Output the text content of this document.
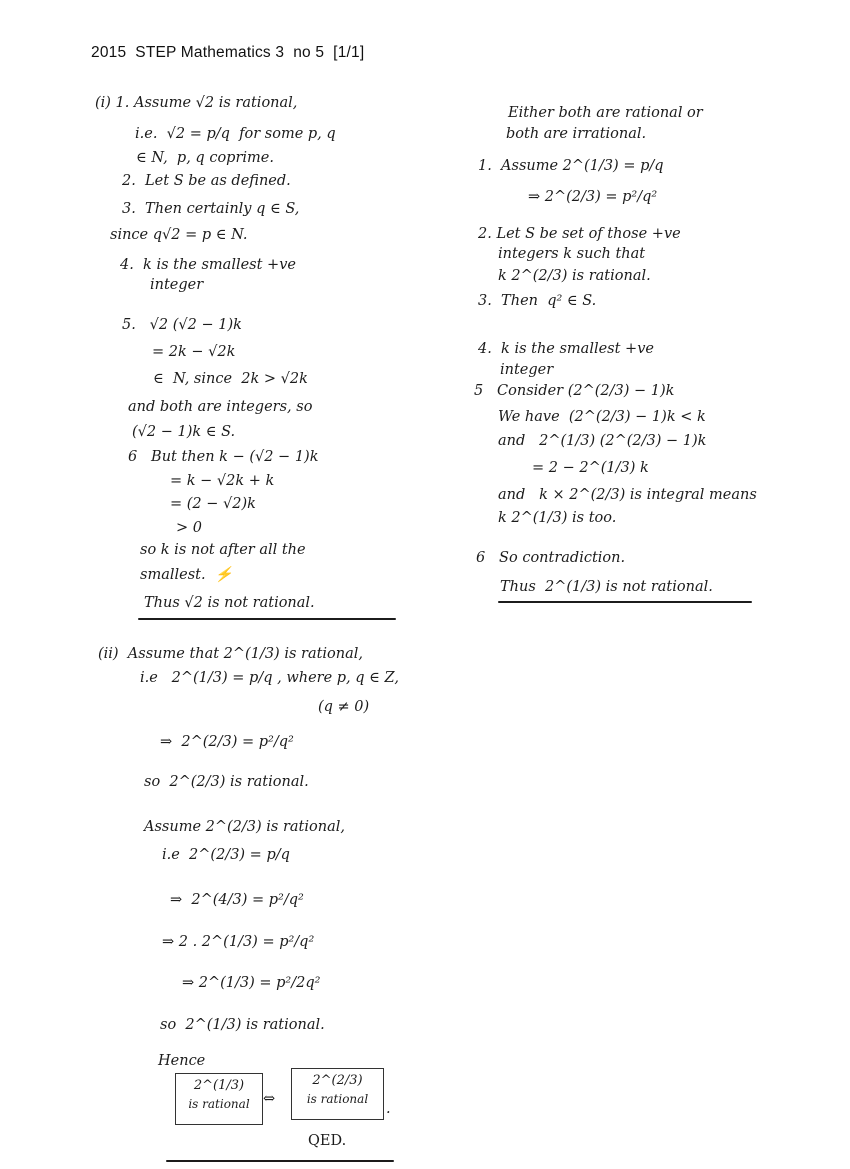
2015  STEP Mathematics 3  no 5  [1/1]
(i) 1. Assume √2 is rational,
i.e.  √2 = p/q  for some p, q
∈ N,  p, q coprime.
2.  Let S be as defined.
3.  Then certainly q ∈ S,
since q√2 = p ∈ N.
4.  k is the smallest +ve
integer
5.   √2 (√2 − 1)k
= 2k − √2k
∈  N, since  2k > √2k
and both are integers, so
(√2 − 1)k ∈ S.
6   But then k − (√2 − 1)k
= k − √2k + k
= (2 − √2)k
> 0
so k is not after all the
smallest.  ⚡
Thus √2 is not rational.
(ii)  Assume that 2^(1/3) is rational,
i.e   2^(1/3) = p/q , where p, q ∈ Z,
(q ≠ 0)
⇒  2^(2/3) = p²/q²
so  2^(2/3) is rational.
Assume 2^(2/3) is rational,
i.e  2^(2/3) = p/q
⇒  2^(4/3) = p²/q²
⇒ 2 . 2^(1/3) = p²/q²
⇒ 2^(1/3) = p²/2q²
so  2^(1/3) is rational.
Hence
2^(1/3)
is rational ⇔
2^(2/3)
is rational
.
QED.
Either both are rational or
both are irrational.
1.  Assume 2^(1/3) = p/q
⇒ 2^(2/3) = p²/q²
2. Let S be set of those +ve
integers k such that
k 2^(2/3) is rational.
3.  Then  q² ∈ S.
4.  k is the smallest +ve
integer
5   Consider (2^(2/3) − 1)k
We have  (2^(2/3) − 1)k < k
and   2^(1/3) (2^(2/3) − 1)k
= 2 − 2^(1/3) k
and   k × 2^(2/3) is integral means
k 2^(1/3) is too.
6   So contradiction.
Thus  2^(1/3) is not rational.
